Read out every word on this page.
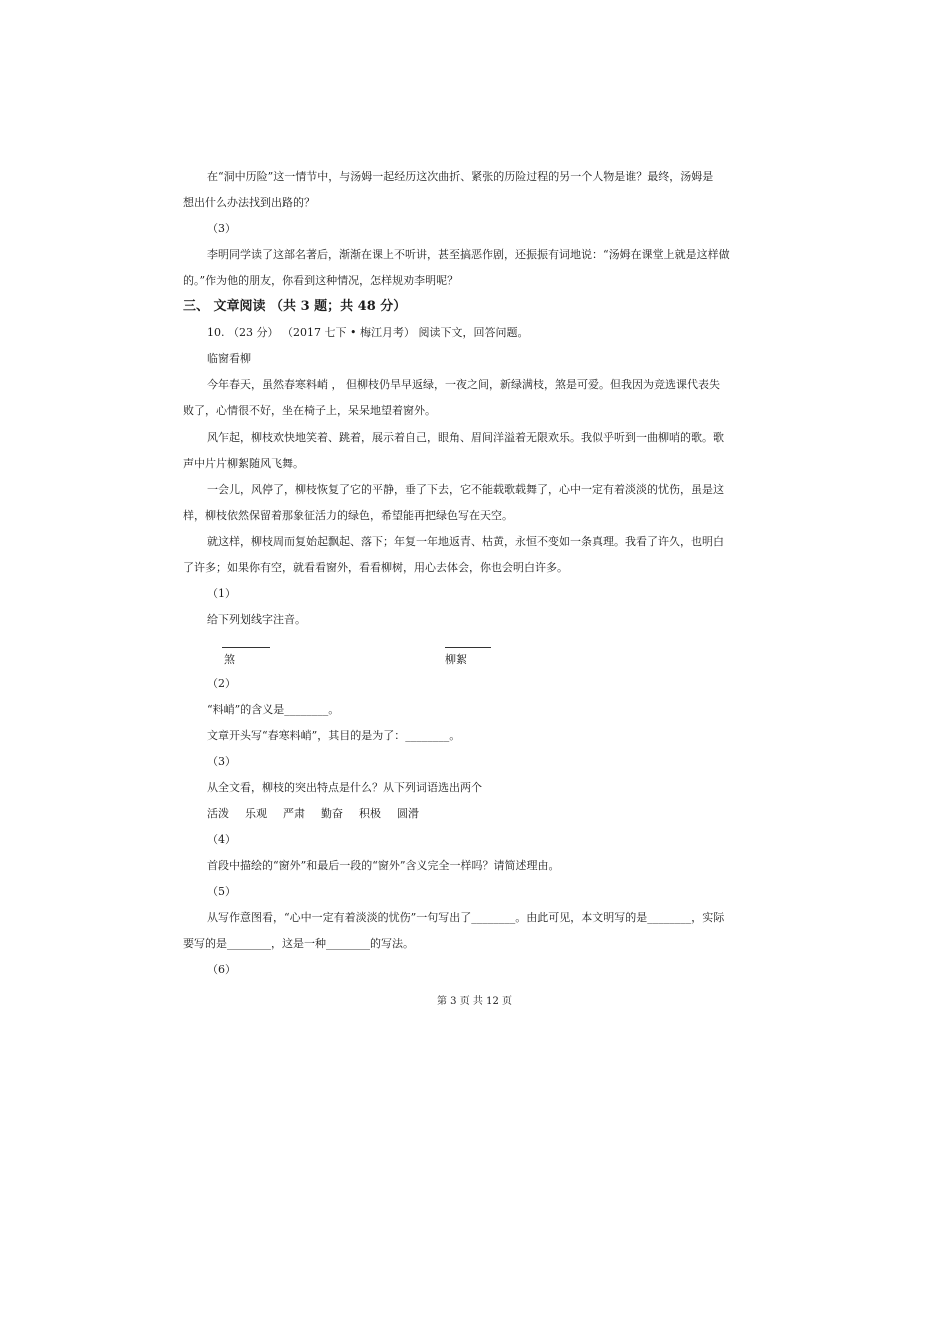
在“洞中历险”这一情节中，与汤姆一起经历这次曲折、紧张的历险过程的另一个人物是谁？最终，汤姆是
想出什么办法找到出路的？
（3）
李明同学读了这部名著后，渐渐在课上不听讲，甚至搞恶作剧，还振振有词地说：“汤姆在课堂上就是这样做
的。”作为他的朋友，你看到这种情况，怎样规劝李明呢？
三、 文章阅读 （共 3 题；共 48 分）
10. （23 分） （2017 七下 • 梅江月考） 阅读下文，回答问题。
临窗看柳
今年春天，虽然春寒料峭 ， 但柳枝仍旱早返绿，一夜之间，新绿满枝，煞是可爱。但我因为竞选课代表失
败了，心情很不好，坐在椅子上，呆呆地望着窗外。
风乍起，柳枝欢快地笑着、跳着，展示着自己，眼角、眉间洋溢着无限欢乐。我似乎听到一曲柳哨的歌。歌
声中片片柳絮随风飞舞。
一会儿，风停了，柳枝恢复了它的平静，垂了下去，它不能载歌载舞了，心中一定有着淡淡的忧伤，虽是这
样，柳枝依然保留着那象征活力的绿色，希望能再把绿色写在天空。
就这样，柳枝周而复始起飘起、落下；年复一年地返青、枯黄，永恒不变如一条真理。我看了许久，也明白
了许多；如果你有空，就看看窗外，看看柳树，用心去体会，你也会明白许多。
（1）
给下列划线字注音。
煞	柳絮
（2）
“料峭”的含义是________。
文章开头写“春寒料峭”，其目的是为了：________。
（3）
从全文看，柳枝的突出特点是什么？从下列词语选出两个
活泼 乐观 严肃 勤奋 积极 圆滑
（4）
首段中描绘的“窗外”和最后一段的“窗外”含义完全一样吗？请简述理由。
（5）
从写作意图看，“心中一定有着淡淡的忧伤”一句写出了________。由此可见，本文明写的是________，实际
要写的是________，这是一种________的写法。
（6）
第 3 页 共 12 页
